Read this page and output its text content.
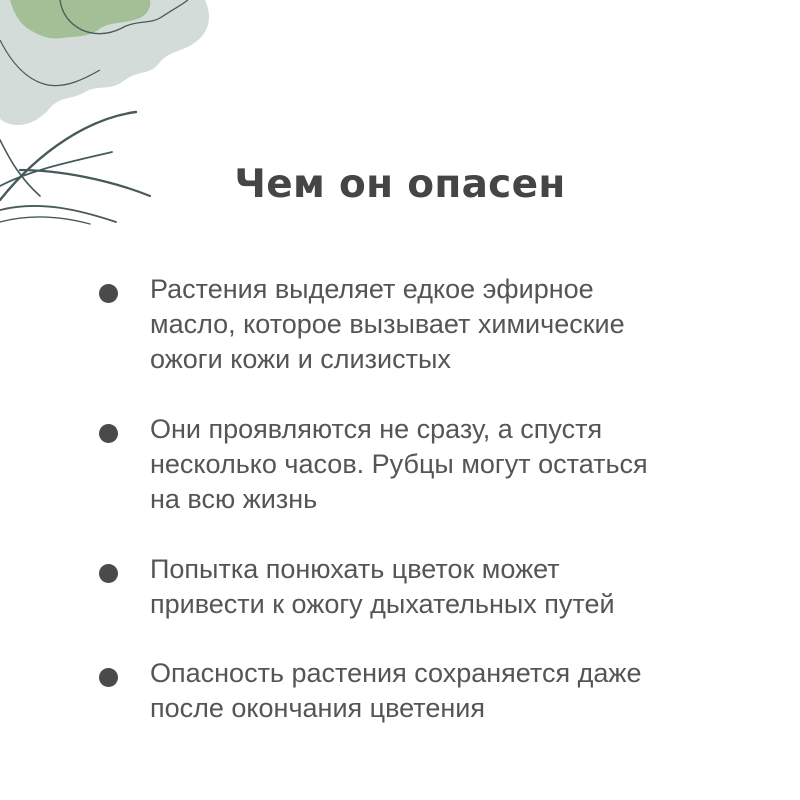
Чем он опасен

Растения выделяет едкое эфирное
масло, которое вызывает химические
ожоги кожи и слизистых

Они проявляются не сразу, а спустя
несколько часов. Рубцы могут остаться
на всю жизнь

Попытка понюхать цветок может
привести к ожогу дыхательных путей

Опасность растения сохраняется даже
после окончания цветения
